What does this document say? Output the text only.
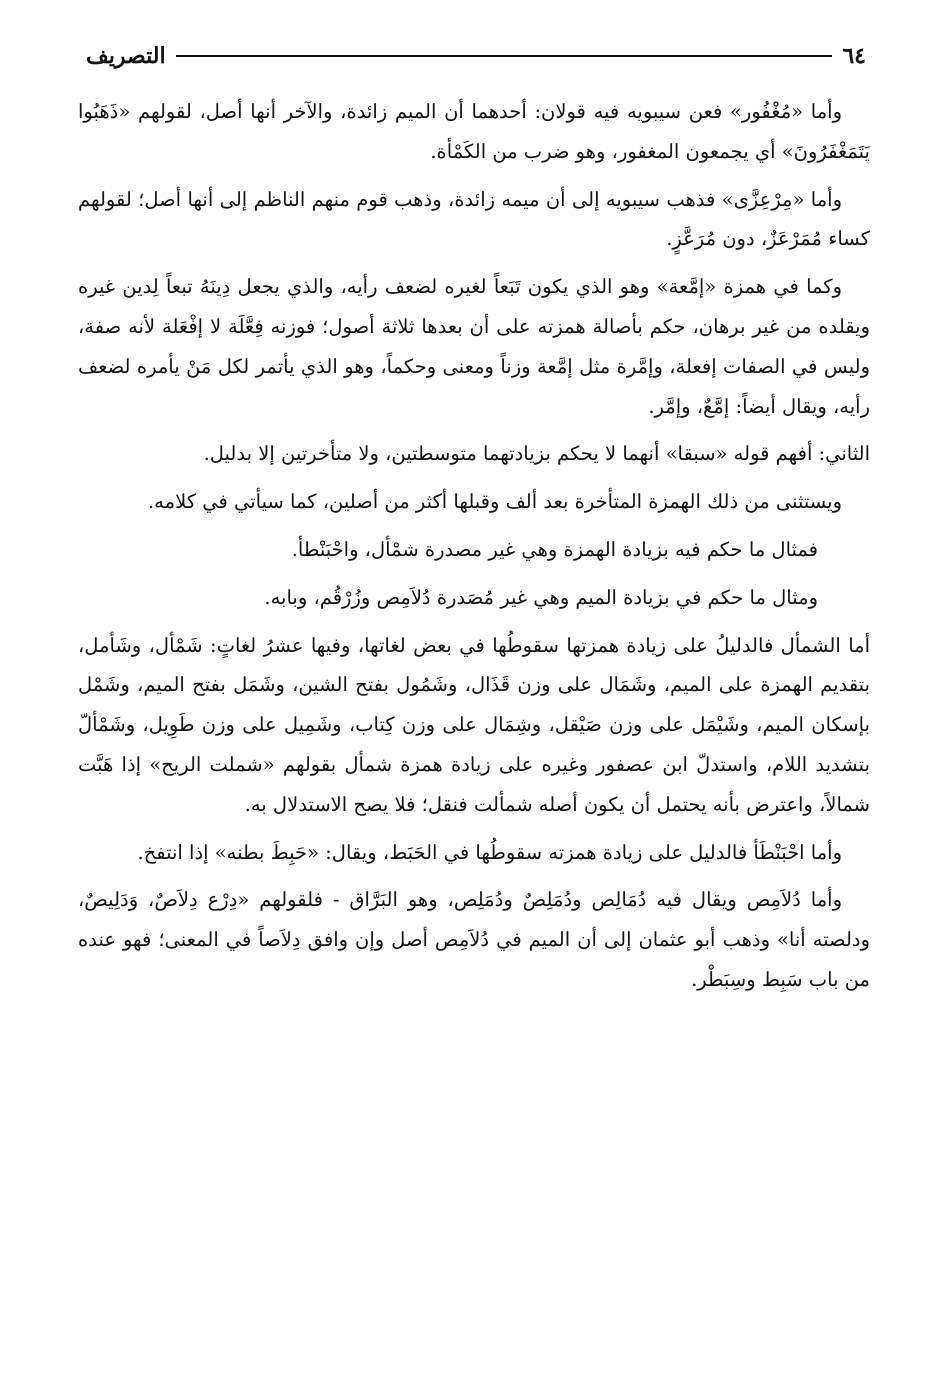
٦٤
التصريف

وأما «مُغْفُور» فعن سيبويه فيه قولان: أحدهما أن الميم زائدة، والآخر أنها أصل، لقولهم «ذَهَبُوا يَتَمَغْفَرُونَ» أي يجمعون المغفور، وهو ضرب من الكَمْأة.

وأما «مِرْعِزَّى» فذهب سيبويه إلى أن ميمه زائدة، وذهب قوم منهم الناظم إلى أنها أصل؛ لقولهم كساء مُمَرْعَزٌ، دون مُرَعَّزٍ.

وكما في همزة «إمَّعة» وهو الذي يكون تَبَعاً لغيره لضعف رأيه، والذي يجعل دِينَهُ تبعاً لِدين غيره ويقلده من غير برهان، حكم بأصالة همزته على أن بعدها ثلاثة أصول؛ فوزنه فِعَّلَة لا إفْعَلة لأنه صفة، وليس في الصفات إفعلة، وإمَّرة مثل إمَّعة وزناً ومعنى وحكماً، وهو الذي يأتمر لكل مَنْ يأمره لضعف رأيه، ويقال أيضاً: إمَّعٌ، وإمَّر.

الثاني: أفهم قوله «سبقا» أنهما لا يحكم بزيادتهما متوسطتين، ولا متأخرتين إلا بدليل.

ويستثنى من ذلك الهمزة المتأخرة بعد ألف وقبلها أكثر من أصلين، كما سيأتي في كلامه.

فمثال ما حكم فيه بزيادة الهمزة وهي غير مصدرة شمْأل، واحْبَنْطأ.

ومثال ما حكم في بزيادة الميم وهي غير مُصَدرة دُلاَمِص وزُرْقُم، وبابه.

أما الشمأل فالدليلُ على زيادة همزتها سقوطُها في بعض لغاتها، وفيها عشرُ لغاتٍ: شَمْأل، وشَأمل، بتقديم الهمزة على الميم، وشَمَال على وزن قَذَال، وشَمُول بفتح الشين، وشَمَل بفتح الميم، وشَمْل بإسكان الميم، وشَيْمَل على وزن صَيْقل، وشِمَال على وزن كِتاب، وشَمِيل على وزن طَوِيل، وشَمْألّ بتشديد اللام، واستدلّ ابن عصفور وغيره على زيادة همزة شمأل بقولهم «شملت الريح» إذا هَبَّت شمالاً، واعترض بأنه يحتمل أن يكون أصله شمألت فنقل؛ فلا يصح الاستدلال به.

وأما احْبَنْطَأ فالدليل على زيادة همزته سقوطُها في الحَبَط، ويقال: «حَبِطَ بطنه» إذا انتفخ.

وأما دُلاَمِص ويقال فيه دُمَالِص ودُمَلِصٌ ودُمَلِص، وهو البَرَّاق - فلقولهم «دِرْع دِلاَصٌ، وَدَلِيصٌ، ودلصته أنا» وذهب أبو عثمان إلى أن الميم في دُلاَمِص أصل وإن وافق دِلاَصاً في المعنى؛ فهو عنده من باب سَبِط وسِبَطْر.
